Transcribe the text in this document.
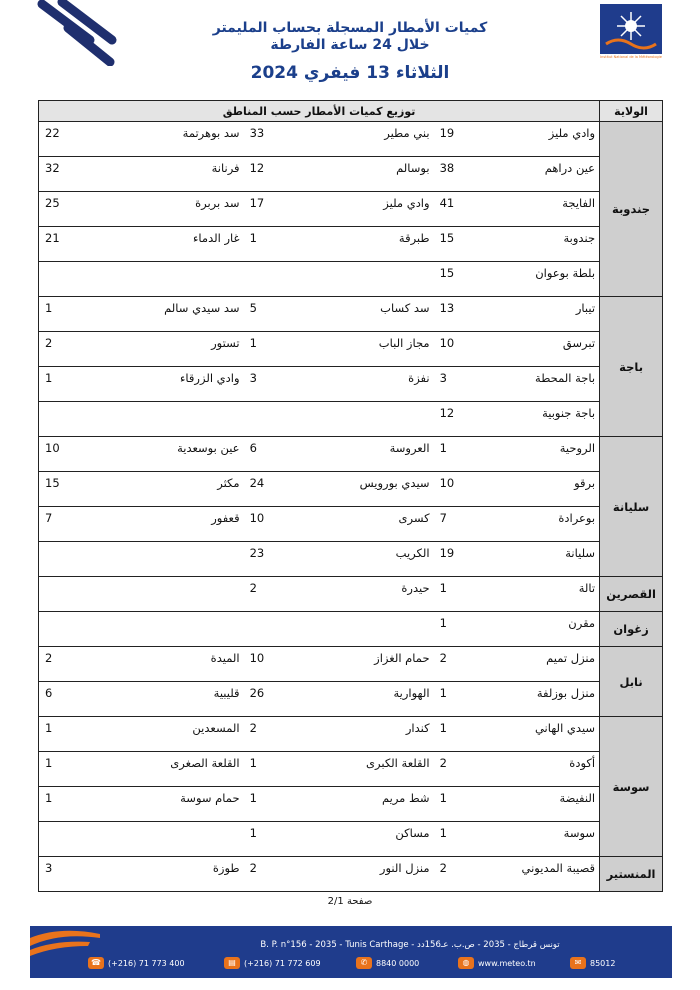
Institut National de la Météorologie
كميات الأمطار المسجلة بحساب المليمتر
خلال 24 ساعة الفارطة
الثلاثاء 13 فيفري 2024
الولاية	توزيع كميات الأمطار حسب المناطق					
جندوبة	وادي مليز	19	بني مطير	33	سد بوهرتمة	22
	عين دراهم	38	بوسالم	12	فرنانة	32
	الفايجة	41	وادي مليز	17	سد بربرة	25
	جندوبة	15	طبرقة	1	غار الدماء	21
	بلطة بوعوان	15				
باجة	تيبار	13	سد كساب	5	سد سيدي سالم	1
	تبرسق	10	مجاز الباب	1	تستور	2
	باجة المحطة	3	نفزة	3	وادي الزرقاء	1
	باجة جنوبية	12				
سليانة	الروحية	1	العروسة	6	عين بوسعدية	10
	برقو	10	سيدي بورويس	24	مكثر	15
	بوعرادة	7	كسرى	10	قعفور	7
	سليانة	19	الكريب	23		
القصرين	تالة	1	حيدرة	2		
زغوان	مقرن	1				
نابل	منزل تميم	2	حمام الغزاز	10	الميدة	2
	منزل بوزلفة	1	الهوارية	26	قليبية	6
سوسة	سيدي الهاني	1	كندار	2	المسعدين	1
	أكودة	2	القلعة الكبرى	1	القلعة الصغرى	1
	النفيضة	1	شط مريم	1	حمام سوسة	1
	سوسة	1	مساكن	1		
المنستير	قصيبة المديوني	2	منزل النور	2	طوزة	3
صفحة 2/1
B. P. n°156 - 2035 - Tunis Carthage - تونس قرطاج - 2035 - ص.ب. عـ156دد
☎ (+216) 71 773 400	▤	(+216) 71 772 609	✆	8840 0000	◍	www.meteo.tn	✉	85012
